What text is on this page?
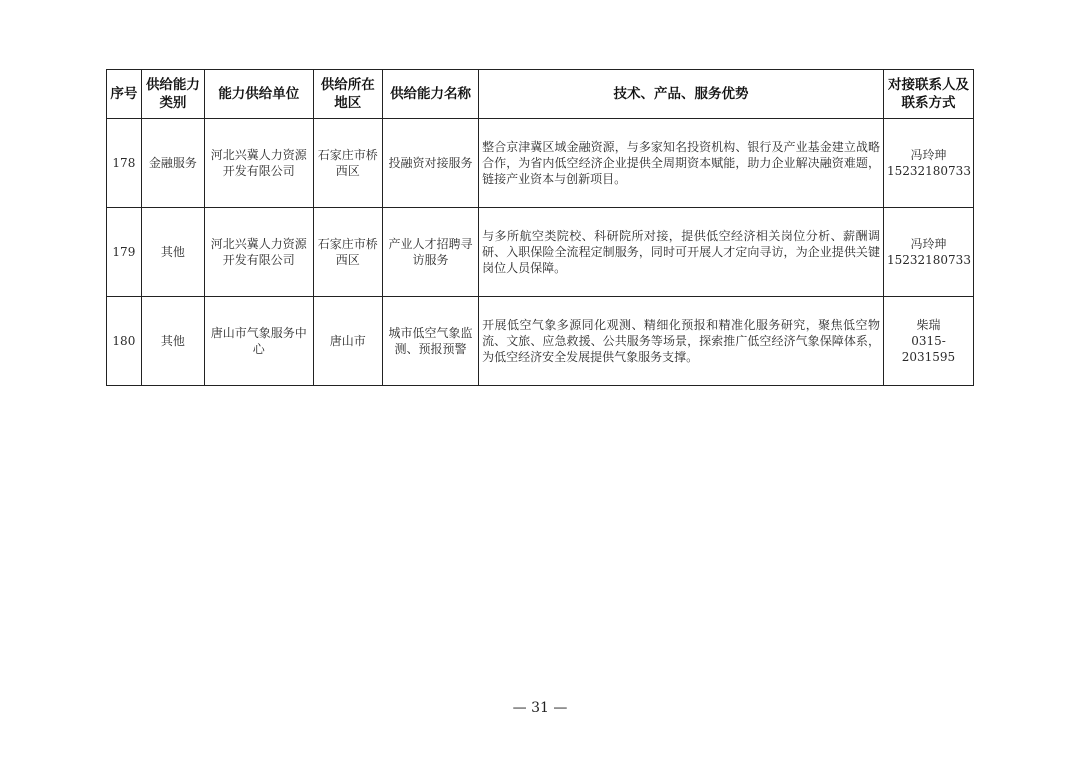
序号	供给能力类别	能力供给单位	供给所在地区	供给能力名称	技术、产品、服务优势	对接联系人及联系方式
178	金融服务	河北兴冀人力资源开发有限公司	石家庄市桥西区	投融资对接服务	整合京津冀区域金融资源，与多家知名投资机构、银行及产业基金建立战略合作，为省内低空经济企业提供全周期资本赋能，助力企业解决融资难题，链接产业资本与创新项目。	冯玲珅
15232180733

179	其他	河北兴冀人力资源开发有限公司	石家庄市桥西区	产业人才招聘寻访服务	与多所航空类院校、科研院所对接，提供低空经济相关岗位分析、薪酬调研、入职保险全流程定制服务，同时可开展人才定向寻访，为企业提供关键岗位人员保障。	冯玲珅
15232180733

180	其他	唐山市气象服务中心	唐山市	城市低空气象监测、预报预警	开展低空气象多源同化观测、精细化预报和精准化服务研究，聚焦低空物流、文旅、应急救援、公共服务等场景，探索推广低空经济气象保障体系，为低空经济安全发展提供气象服务支撑。	柴瑞
0315-2031595
— 31 —
